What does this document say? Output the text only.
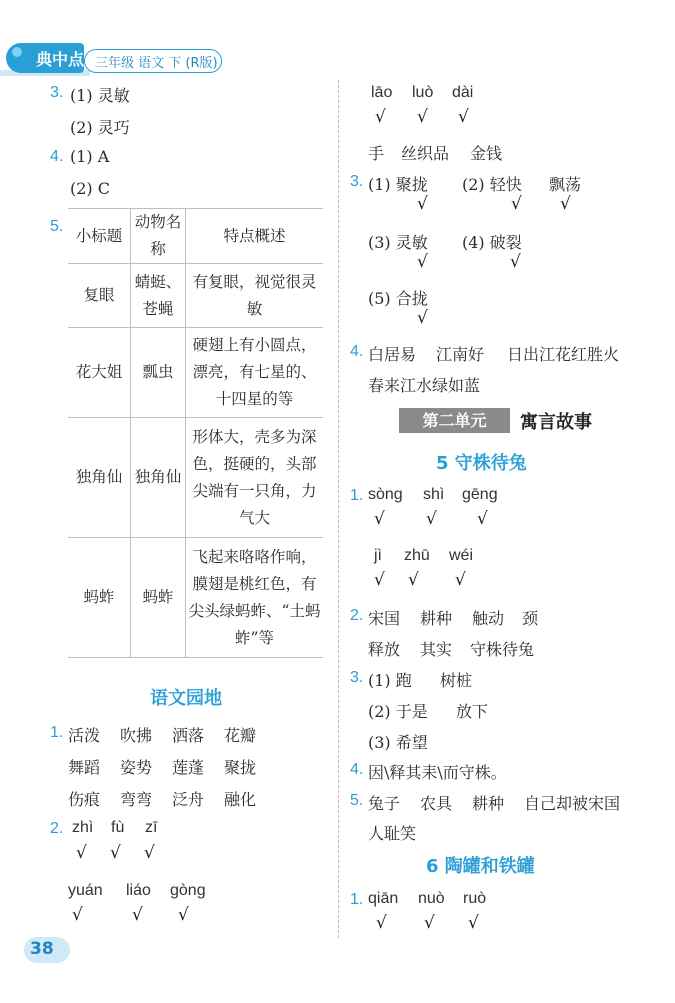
典中点 三年级 语文 下 (R版)
3. (1) 灵敏
(2) 灵巧
4. (1) A
(2) C
5. 小标题	动物名称	特点概述
复眼	蜻蜓、苍蝇	有复眼，视觉很灵敏
花大姐	瓢虫	硬翅上有小圆点，漂亮，有七星的、十四星的等
独角仙	独角仙	形体大，壳多为深色，挺硬的，头部尖端有一只角，力气大
蚂蚱	蚂蚱	飞起来咯咯作响，膜翅是桃红色，有尖头绿蚂蚱、“土蚂蚱”等
语文园地
1. 活泼 吹拂 洒落 花瓣
舞蹈 姿势 莲蓬 聚拢
伤痕 弯弯 泛舟 融化
2. zhì fù zī
√ √ √
yuán liáo gòng
√	√ √
38
lāo luò dài
√ √ √
手 丝织品 金钱
3. (1) 聚拢 (2) 轻快 飘荡
√	√ √
(3) 灵敏 (4) 破裂
√	√
(5) 合拢
√
4. 白居易 江南好 日出江花红胜火
春来江水绿如蓝
第二单元	寓言故事
5 守株待兔
1. sòng shì gēng
√ √ √
jì zhū wéi
√ √ √
2. 宋国 耕种 触动 颈
释放 其实 守株待兔
3. (1) 跑 树桩
(2) 于是 放下
(3) 希望
4. 因\释其耒\而守株。
5. 兔子 农具 耕种 自己却被宋国
人耻笑
6 陶罐和铁罐
1. qiān nuò ruò
√ √ √
